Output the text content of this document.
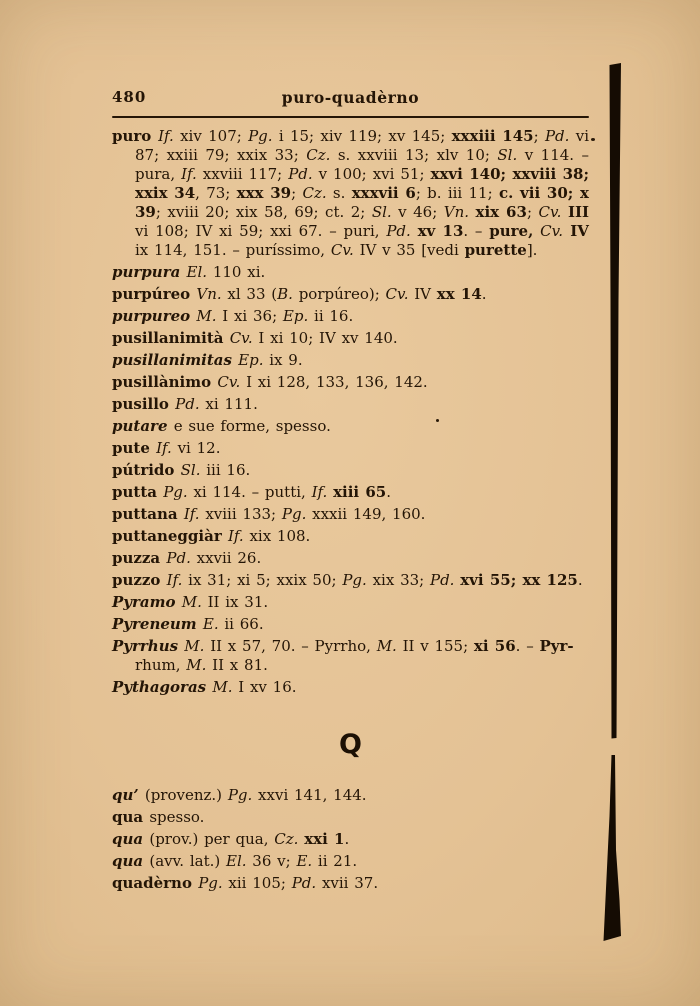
480	puro-quadèrno

puro If. xiv 107; Pg. i 15; xiv 119; xv 145; xxxiii 145; Pd. vi 87; xxiii 79; xxix 33; Cz. s. xxviii 13; xlv 10; Sl. v 114. – pura, If. xxviii 117; Pd. v 100; xvi 51; xxvi 140; xxviii 38; xxix 34, 73; xxx 39; Cz. s. xxxvii 6; b. iii 11; c. vii 30; x 39; xviii 20; xix 58, 69; ct. 2; Sl. v 46; Vn. xix 63; Cv. III vi 108; IV xi 59; xxi 67. – puri, Pd. xv 13. – pure, Cv. IV ix 114, 151. – puríssimo, Cv. IV v 35 [vedi purette].

purpura El. 110 xi.

purpúreo Vn. xl 33 (B. porpúreo); Cv. IV xx 14.

purpureo M. I xi 36; Ep. ii 16.

pusillanimità Cv. I xi 10; IV xv 140.

pusillanimitas Ep. ix 9.

pusillànimo Cv. I xi 128, 133, 136, 142.

pusillo Pd. xi 111.

putare e sue forme, spesso.

pute If. vi 12.

pútrido Sl. iii 16.

putta Pg. xi 114. – putti, If. xiii 65.

puttana If. xviii 133; Pg. xxxii 149, 160.

puttaneggiàr If. xix 108.

puzza Pd. xxvii 26.

puzzo If. ix 31; xi 5; xxix 50; Pg. xix 33; Pd. xvi 55; xx 125.

Pyramo M. II ix 31.

Pyreneum E. ii 66.

Pyrrhus M. II x 57, 70. – Pyrrho, M. II v 155; xi 56. – Pyr-
rhum, M. II x 81.

Pythagoras M. I xv 16.

Q

qu’ (provenz.) Pg. xxvi 141, 144.

qua spesso.

qua (prov.) per qua, Cz. xxi 1.

qua (avv. lat.) El. 36 v; E. ii 21.

quadèrno Pg. xii 105; Pd. xvii 37.
